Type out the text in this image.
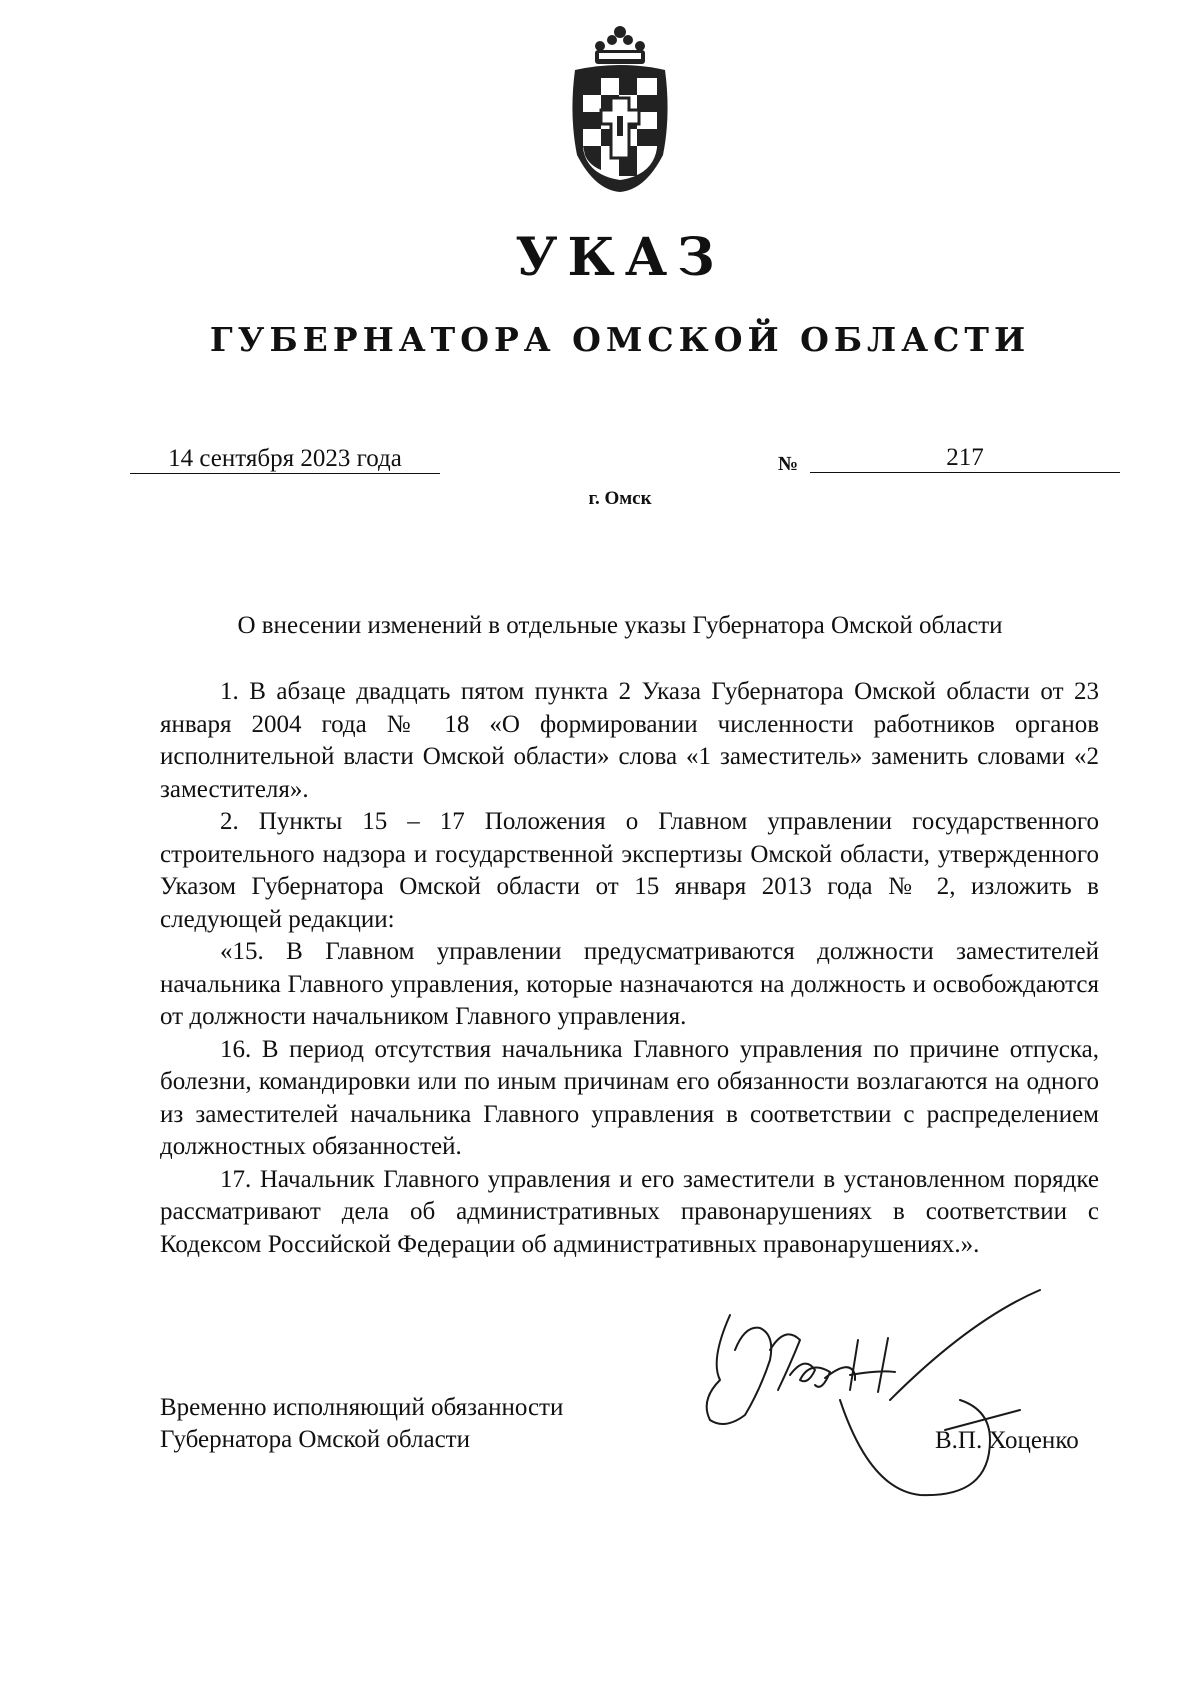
УКАЗ
ГУБЕРНАТОРА ОМСКОЙ ОБЛАСТИ
14 сентября 2023 года	№	217
г. Омск
О внесении изменений в отдельные указы Губернатора Омской области

1. В абзаце двадцать пятом пункта 2 Указа Губернатора Омской области от 23 января 2004 года № 18 «О формировании численности работников органов исполнительной власти Омской области» слова «1 заместитель» заменить словами «2 заместителя».

2. Пункты 15 – 17 Положения о Главном управлении государственного строительного надзора и государственной экспертизы Омской области, утвержденного Указом Губернатора Омской области от 15 января 2013 года № 2, изложить в следующей редакции:

«15. В Главном управлении предусматриваются должности заместителей начальника Главного управления, которые назначаются на должность и освобождаются от должности начальником Главного управления.

16. В период отсутствия начальника Главного управления по причине отпуска, болезни, командировки или по иным причинам его обязанности возлагаются на одного из заместителей начальника Главного управления в соответствии с распределением должностных обязанностей.

17. Начальник Главного управления и его заместители в установленном порядке рассматривают дела об административных правонарушениях в соответствии с Кодексом Российской Федерации об административных правонарушениях.».

Временно исполняющий обязанности
Губернатора Омской области	В.П. Хоценко
